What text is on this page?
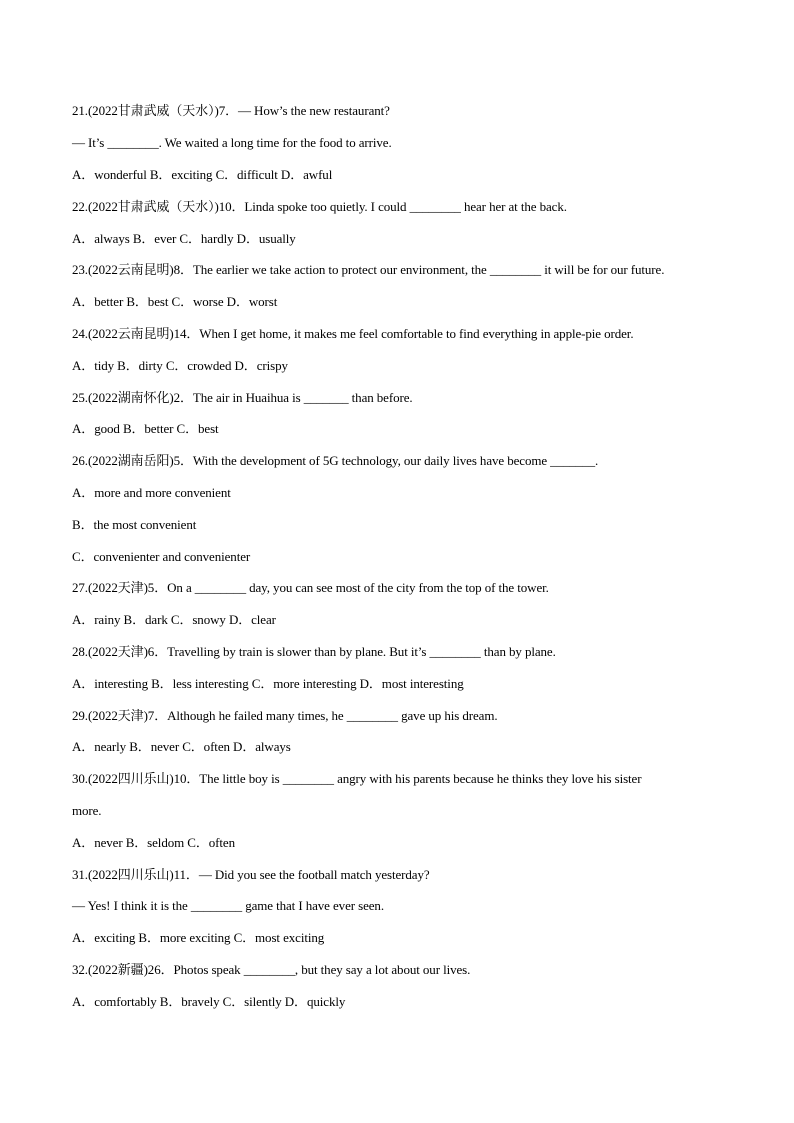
21.(2022甘肃武威（天水）)7．— How’s the new restaurant?
— It’s ________. We waited a long time for the food to arrive.
A．wonderful B．exciting C．difficult D．awful
22.(2022甘肃武威（天水）)10．Linda spoke too quietly. I could ________ hear her at the back.
A．always B．ever C．hardly D．usually
23.(2022云南昆明)8．The earlier we take action to protect our environment, the ________ it will be for our future.
A．better B．best C．worse D．worst
24.(2022云南昆明)14．When I get home, it makes me feel comfortable to find everything in apple-pie order.
A．tidy B．dirty C．crowded D．crispy
25.(2022湖南怀化)2．The air in Huaihua is _______ than before.
A．good B．better C．best
26.(2022湖南岳阳)5．With the development of 5G technology, our daily lives have become _______.
A．more and more convenient
B．the most convenient
C．convenienter and convenienter
27.(2022天津)5．On a ________ day, you can see most of the city from the top of the tower.
A．rainy B．dark C．snowy D．clear
28.(2022天津)6．Travelling by train is slower than by plane. But it’s ________ than by plane.
A．interesting B．less interesting C．more interesting D．most interesting
29.(2022天津)7．Although he failed many times, he ________ gave up his dream.
A．nearly B．never C．often D．always
30.(2022四川乐山)10．The little boy is ________ angry with his parents because he thinks they love his sister
more.
A．never B．seldom C．often
31.(2022四川乐山)11．— Did you see the football match yesterday?
— Yes! I think it is the ________ game that I have ever seen.
A．exciting B．more exciting C．most exciting
32.(2022新疆)26．Photos speak ________, but they say a lot about our lives.
A．comfortably B．bravely C．silently D．quickly
